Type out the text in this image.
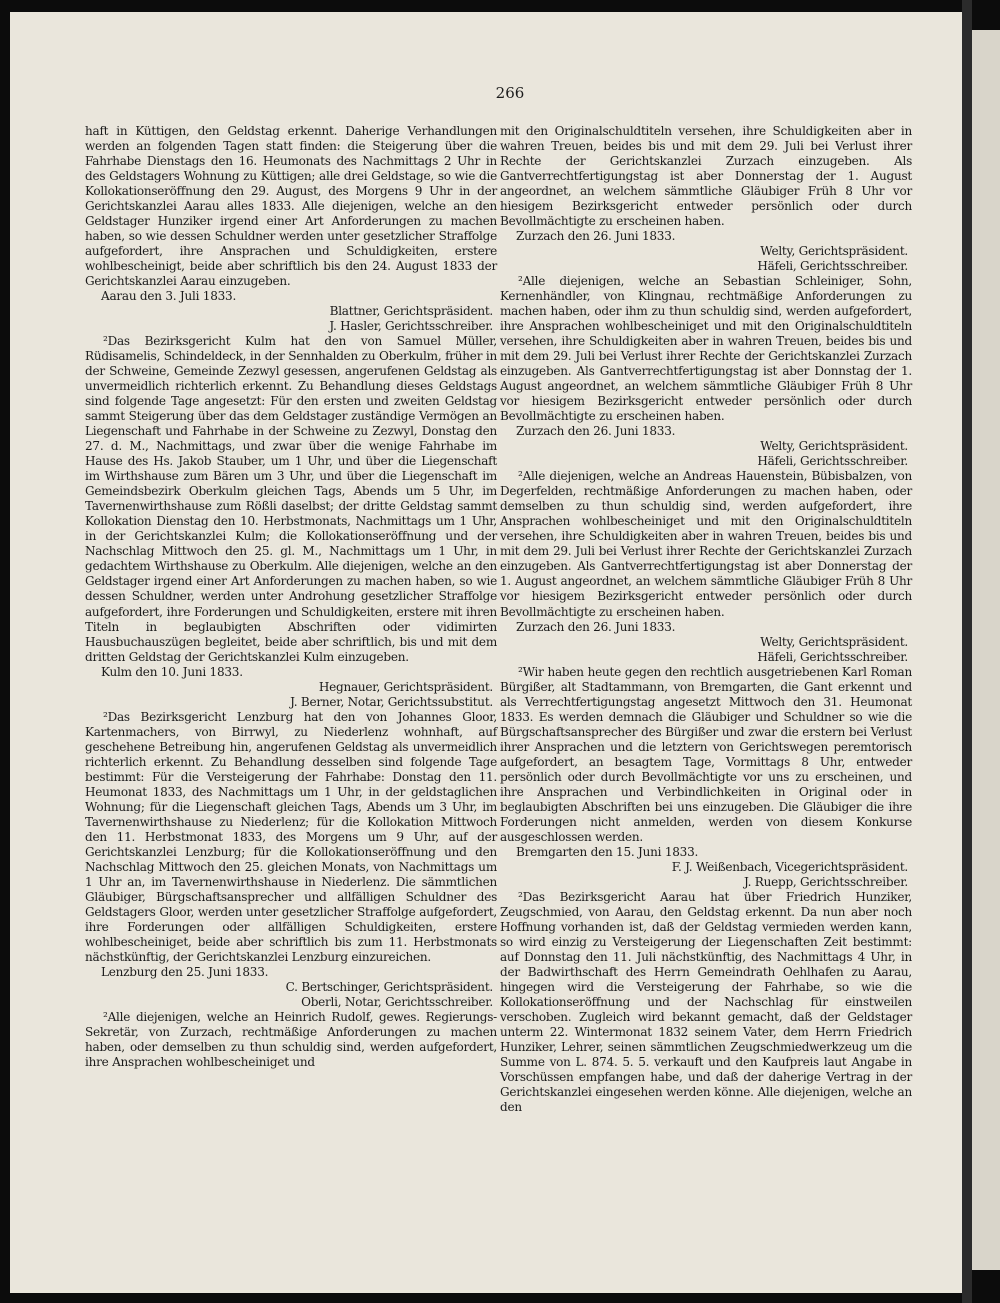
266

haft in Küttigen, den Geldstag erkennt. Daherige Verhandlungen werden an folgenden Tagen statt finden: die Steigerung über die Fahrhabe Dienstags den 16. Heumonats des Nachmittags 2 Uhr in des Geldstagers Wohnung zu Küttigen; alle drei Geldstage, so wie die Kollokationseröffnung den 29. August, des Morgens 9 Uhr in der Gerichtskanzlei Aarau alles 1833. Alle diejenigen, welche an den Geldstager Hunziker irgend einer Art Anforderungen zu machen haben, so wie dessen Schuldner werden unter gesetzlicher Straffolge aufgefordert, ihre Ansprachen und Schuldigkeiten, erstere wohlbescheinigt, beide aber schriftlich bis den 24. August 1833 der Gerichtskanzlei Aarau einzugeben.

Aarau den 3. Juli 1833.

Blattner, Gerichtspräsident.

J. Hasler, Gerichtsschreiber.

²Das Bezirksgericht Kulm hat den von Samuel Müller, Rüdisamelis, Schindeldeck, in der Sennhalden zu Oberkulm, früher in der Schweine, Gemeinde Zezwyl gesessen, angerufenen Geldstag als unvermeidlich richterlich erkennt. Zu Behandlung dieses Geldstags sind folgende Tage angesetzt: Für den ersten und zweiten Geldstag sammt Steigerung über das dem Geldstager zuständige Vermögen an Liegenschaft und Fahrhabe in der Schweine zu Zezwyl, Donstag den 27. d. M., Nachmittags, und zwar über die wenige Fahrhabe im Hause des Hs. Jakob Stauber, um 1 Uhr, und über die Liegenschaft im Wirthshause zum Bären um 3 Uhr, und über die Liegenschaft im Gemeindsbezirk Oberkulm gleichen Tags, Abends um 5 Uhr, im Tavernenwirthshause zum Rößli daselbst; der dritte Geldstag sammt Kollokation Dienstag den 10. Herbstmonats, Nachmittags um 1 Uhr, in der Gerichtskanzlei Kulm; die Kollokationseröffnung und der Nachschlag Mittwoch den 25. gl. M., Nachmittags um 1 Uhr, in gedachtem Wirthshause zu Oberkulm. Alle diejenigen, welche an den Geldstager irgend einer Art Anforderungen zu machen haben, so wie dessen Schuldner, werden unter Androhung gesetzlicher Straffolge aufgefordert, ihre Forderungen und Schuldigkeiten, erstere mit ihren Titeln in beglaubigten Abschriften oder vidimirten Hausbuchauszügen begleitet, beide aber schriftlich, bis und mit dem dritten Geldstag der Gerichtskanzlei Kulm einzugeben.

Kulm den 10. Juni 1833.

Hegnauer, Gerichtspräsident.

J. Berner, Notar, Gerichtssubstitut.

²Das Bezirksgericht Lenzburg hat den von Johannes Gloor, Kartenmachers, von Birrwyl, zu Niederlenz wohnhaft, auf geschehene Betreibung hin, angerufenen Geldstag als unvermeidlich richterlich erkennt. Zu Behandlung desselben sind folgende Tage bestimmt: Für die Versteigerung der Fahrhabe: Donstag den 11. Heumonat 1833, des Nachmittags um 1 Uhr, in der geldstaglichen Wohnung; für die Liegenschaft gleichen Tags, Abends um 3 Uhr, im Tavernenwirthshause zu Niederlenz; für die Kollokation Mittwoch den 11. Herbstmonat 1833, des Morgens um 9 Uhr, auf der Gerichtskanzlei Lenzburg; für die Kollokationseröffnung und den Nachschlag Mittwoch den 25. gleichen Monats, von Nachmittags um 1 Uhr an, im Tavernenwirthshause in Niederlenz. Die sämmtlichen Gläubiger, Bürgschaftsansprecher und allfälligen Schuldner des Geldstagers Gloor, werden unter gesetzlicher Straffolge aufgefordert, ihre Forderungen oder allfälligen Schuldigkeiten, erstere wohlbescheiniget, beide aber schriftlich bis zum 11. Herbstmonats nächstkünftig, der Gerichtskanzlei Lenzburg einzureichen.

Lenzburg den 25. Juni 1833.

C. Bertschinger, Gerichtspräsident.

Oberli, Notar, Gerichtsschreiber.

²Alle diejenigen, welche an Heinrich Rudolf, gewes. Regierungs-Sekretär, von Zurzach, rechtmäßige Anforderungen zu machen haben, oder demselben zu thun schuldig sind, werden aufgefordert, ihre Ansprachen wohlbescheiniget und

mit den Originalschuldtiteln versehen, ihre Schuldigkeiten aber in wahren Treuen, beides bis und mit dem 29. Juli bei Verlust ihrer Rechte der Gerichtskanzlei Zurzach einzugeben. Als Gantverrechtfertigungstag ist aber Donnerstag der 1. August angeordnet, an welchem sämmtliche Gläubiger Früh 8 Uhr vor hiesigem Bezirksgericht entweder persönlich oder durch Bevollmächtigte zu erscheinen haben.

Zurzach den 26. Juni 1833.

Welty, Gerichtspräsident.

Häfeli, Gerichtsschreiber.

²Alle diejenigen, welche an Sebastian Schleiniger, Sohn, Kernenhändler, von Klingnau, rechtmäßige Anforderungen zu machen haben, oder ihm zu thun schuldig sind, werden aufgefordert, ihre Ansprachen wohlbescheiniget und mit den Originalschuldtiteln versehen, ihre Schuldigkeiten aber in wahren Treuen, beides bis und mit dem 29. Juli bei Verlust ihrer Rechte der Gerichtskanzlei Zurzach einzugeben. Als Gantverrechtfertigungstag ist aber Donnstag der 1. August angeordnet, an welchem sämmtliche Gläubiger Früh 8 Uhr vor hiesigem Bezirksgericht entweder persönlich oder durch Bevollmächtigte zu erscheinen haben.

Zurzach den 26. Juni 1833.

Welty, Gerichtspräsident.

Häfeli, Gerichtsschreiber.

²Alle diejenigen, welche an Andreas Hauenstein, Bübisbalzen, von Degerfelden, rechtmäßige Anforderungen zu machen haben, oder demselben zu thun schuldig sind, werden aufgefordert, ihre Ansprachen wohlbescheiniget und mit den Originalschuldtiteln versehen, ihre Schuldigkeiten aber in wahren Treuen, beides bis und mit dem 29. Juli bei Verlust ihrer Rechte der Gerichtskanzlei Zurzach einzugeben. Als Gantverrechtfertigungstag ist aber Donnerstag der 1. August angeordnet, an welchem sämmtliche Gläubiger Früh 8 Uhr vor hiesigem Bezirksgericht entweder persönlich oder durch Bevollmächtigte zu erscheinen haben.

Zurzach den 26. Juni 1833.

Welty, Gerichtspräsident.

Häfeli, Gerichtsschreiber.

²Wir haben heute gegen den rechtlich ausgetriebenen Karl Roman Bürgißer, alt Stadtammann, von Bremgarten, die Gant erkennt und als Verrechtfertigungstag angesetzt Mittwoch den 31. Heumonat 1833. Es werden demnach die Gläubiger und Schuldner so wie die Bürgschaftsansprecher des Bürgißer und zwar die erstern bei Verlust ihrer Ansprachen und die letztern von Gerichtswegen peremtorisch aufgefordert, an besagtem Tage, Vormittags 8 Uhr, entweder persönlich oder durch Bevollmächtigte vor uns zu erscheinen, und ihre Ansprachen und Verbindlichkeiten in Original oder in beglaubigten Abschriften bei uns einzugeben. Die Gläubiger die ihre Forderungen nicht anmelden, werden von diesem Konkurse ausgeschlossen werden.

Bremgarten den 15. Juni 1833.

F. J. Weißenbach, Vicegerichtspräsident.

J. Ruepp, Gerichtsschreiber.

²Das Bezirksgericht Aarau hat über Friedrich Hunziker, Zeugschmied, von Aarau, den Geldstag erkennt. Da nun aber noch Hoffnung vorhanden ist, daß der Geldstag vermieden werden kann, so wird einzig zu Versteigerung der Liegenschaften Zeit bestimmt: auf Donnstag den 11. Juli nächstkünftig, des Nachmittags 4 Uhr, in der Badwirthschaft des Herrn Gemeindrath Oehlhafen zu Aarau, hingegen wird die Versteigerung der Fahrhabe, so wie die Kollokationseröffnung und der Nachschlag für einstweilen verschoben. Zugleich wird bekannt gemacht, daß der Geldstager unterm 22. Wintermonat 1832 seinem Vater, dem Herrn Friedrich Hunziker, Lehrer, seinen sämmtlichen Zeugschmiedwerkzeug um die Summe von L. 874. 5. 5. verkauft und den Kaufpreis laut Angabe in Vorschüssen empfangen habe, und daß der daherige Vertrag in der Gerichtskanzlei eingesehen werden könne. Alle diejenigen, welche an den
